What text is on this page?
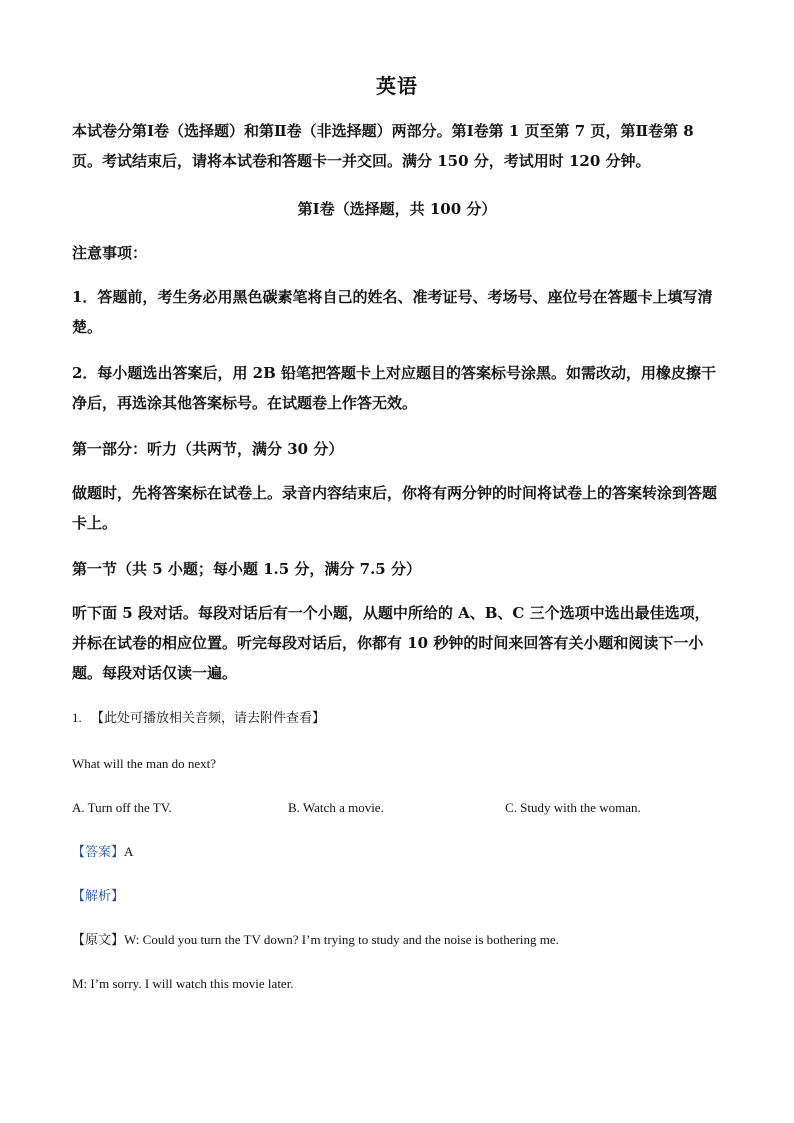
英语

本试卷分第Ⅰ卷（选择题）和第Ⅱ卷（非选择题）两部分。第Ⅰ卷第 1 页至第 7 页，第Ⅱ卷第 8 页。考试结束后，请将本试卷和答题卡一并交回。满分 150 分，考试用时 120 分钟。

第Ⅰ卷（选择题，共 100 分）

注意事项：

1．答题前，考生务必用黑色碳素笔将自己的姓名、准考证号、考场号、座位号在答题卡上填写清楚。

2．每小题选出答案后，用 2B 铅笔把答题卡上对应题目的答案标号涂黑。如需改动，用橡皮擦干净后，再选涂其他答案标号。在试题卷上作答无效。

第一部分：听力（共两节，满分 30 分）

做题时，先将答案标在试卷上。录音内容结束后，你将有两分钟的时间将试卷上的答案转涂到答题卡上。

第一节（共 5 小题；每小题 1.5 分，满分 7.5 分）

听下面 5 段对话。每段对话后有一个小题，从题中所给的 A、B、C 三个选项中选出最佳选项，并标在试卷的相应位置。听完每段对话后，你都有 10 秒钟的时间来回答有关小题和阅读下一小题。每段对话仅读一遍。

1. 【此处可播放相关音频，请去附件查看】
What will the man do next?
A. Turn off the TV.	B. Watch a movie.	C. Study with the woman.
【答案】A
【解析】
【原文】W: Could you turn the TV down? I’m trying to study and the noise is bothering me.
M: I’m sorry. I will watch this movie later.
